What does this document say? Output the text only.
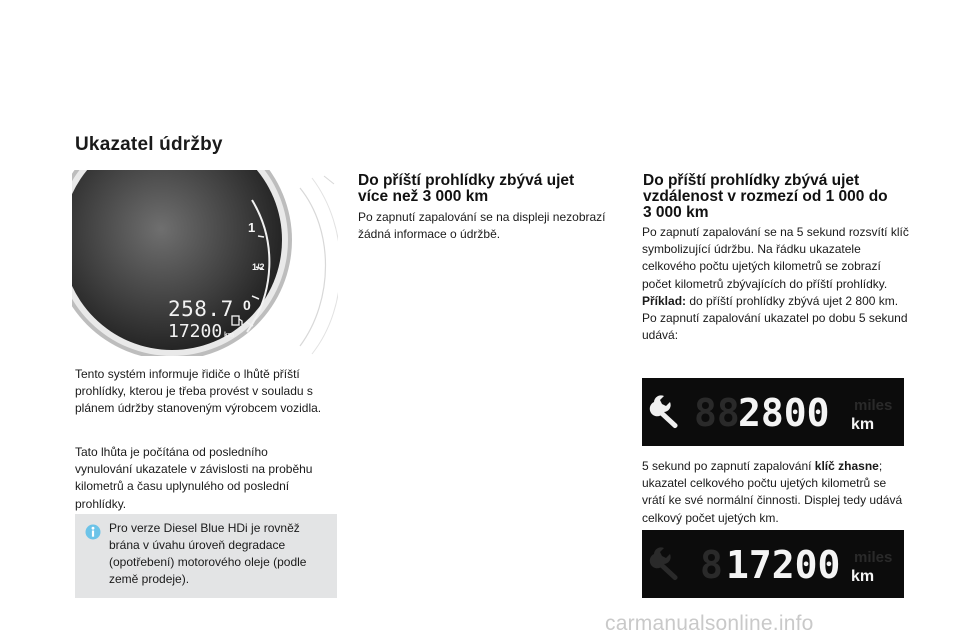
Ukazatel údržby
1
1/2
0
258.7
17200 km

Tento systém informuje řidiče o lhůtě příští prohlídky, kterou je třeba provést v souladu s plánem údržby stanoveným výrobcem vozidla.

Tato lhůta je počítána od posledního vynulování ukazatele v závislosti na proběhu kilometrů a času uplynulého od poslední prohlídky.

Pro verze Diesel Blue HDi je rovněž brána v úvahu úroveň degradace (opotřebení) motorového oleje (podle země prodeje).

Do příští prohlídky zbývá ujet
více než 3 000 km

Po zapnutí zapalování se na displeji nezobrazí žádná informace o údržbě.

Do příští prohlídky zbývá ujet
vzdálenost v rozmezí od 1 000 do
3 000 km

Po zapnutí zapalování se na 5 sekund rozsvítí klíč symbolizující údržbu. Na řádku ukazatele celkového počtu ujetých kilometrů se zobrazí počet kilometrů zbývajících do příští prohlídky.
Příklad: do příští prohlídky zbývá ujet 2 800 km.
Po zapnutí zapalování ukazatel po dobu 5 sekund udává:

88
2800 miles
km

5 sekund po zapnutí zapalování klíč zhasne; ukazatel celkového počtu ujetých kilometrů se vrátí ke své normální činnosti. Displej tedy udává celkový počet ujetých km.

8 17200 miles
km
carmanualsonline.info
